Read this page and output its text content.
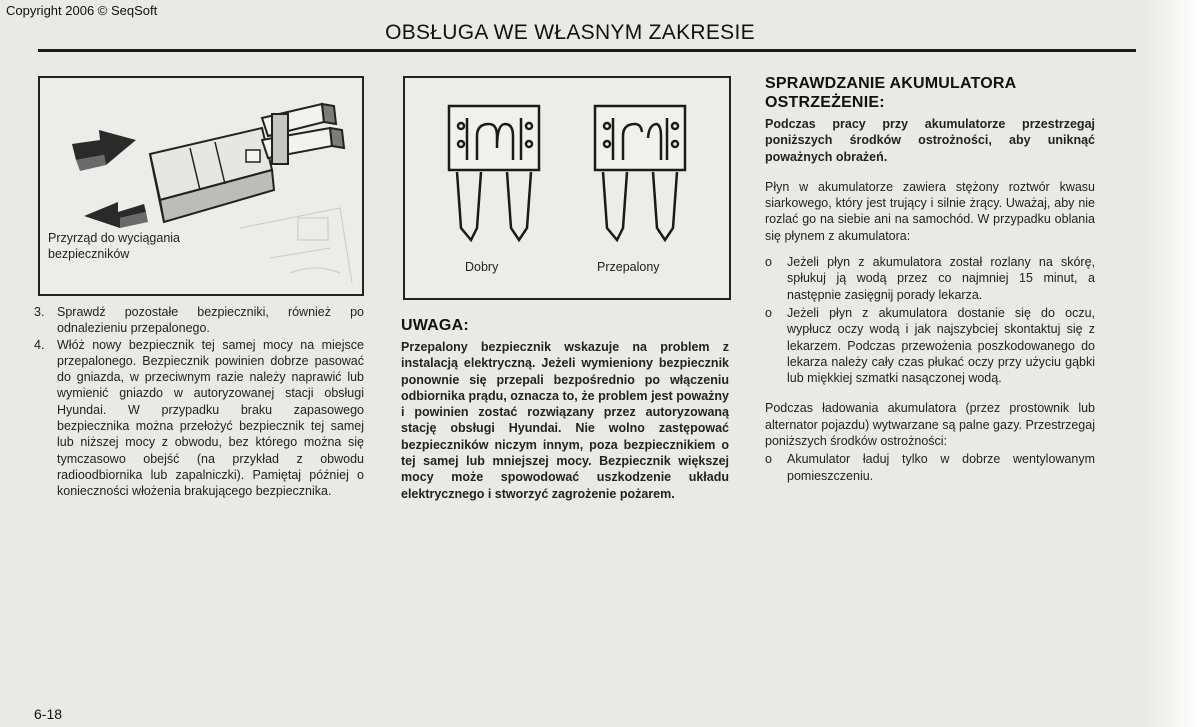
Copyright 2006 © SeqSoft
OBSŁUGA WE WŁASNYM ZAKRESIE
Przyrząd do wyciągania
bezpieczników
Dobry	Przepalony
3.	Sprawdź pozostałe bezpieczniki, również po odnalezieniu przepalonego.
4.	Włóż nowy bezpiecznik tej samej mocy na miejsce przepalonego. Bezpiecznik powinien dobrze pasować do gniazda, w przeciwnym razie należy naprawić lub wymienić gniazdo w autoryzowanej stacji obsługi Hyundai. W przypadku braku zapasowego bezpiecznika można przełożyć bezpiecznik tej samej lub niższej mocy z obwodu, bez którego można się tymczasowo obejść (na przykład z obwodu radioodbiornika lub zapalniczki). Pamiętaj później o konieczności włożenia brakującego bezpiecznika.
UWAGA:
Przepalony bezpiecznik wskazuje na problem z instalacją elektryczną. Jeżeli wymieniony bezpiecznik ponownie się przepali bezpośrednio po włączeniu odbiornika prądu, oznacza to, że problem jest poważny i powinien zostać rozwiązany przez autoryzowaną stację obsługi Hyundai. Nie wolno zastępować bezpieczników niczym innym, poza bezpiecznikiem o tej samej lub mniejszej mocy. Bezpiecznik większej mocy może spowodować uszkodzenie układu elektrycznego i stworzyć zagrożenie pożarem.
SPRAWDZANIE AKUMULATORA
OSTRZEŻENIE:
Podczas pracy przy akumulatorze przestrzegaj poniższych środków ostrożności, aby uniknąć poważnych obrażeń.
Płyn w akumulatorze zawiera stężony roztwór kwasu siarkowego, który jest trujący i silnie żrący. Uważaj, aby nie rozlać go na siebie ani na samochód. W przypadku oblania się płynem z akumulatora:
o	Jeżeli płyn z akumulatora został rozlany na skórę, spłukuj ją wodą przez co najmniej 15 minut, a następnie zasięgnij porady lekarza.
o	Jeżeli płyn z akumulatora dostanie się do oczu, wypłucz oczy wodą i jak najszybciej skontaktuj się z lekarzem. Podczas przewożenia poszkodowanego do lekarza należy cały czas płukać oczy przy użyciu gąbki lub miękkiej szmatki nasączonej wodą.
Podczas ładowania akumulatora (przez prostownik lub alternator pojazdu) wytwarzane są palne gazy. Przestrzegaj poniższych środków ostrożności:
o	Akumulator ładuj tylko w dobrze wentylowanym pomieszczeniu.
6-18
